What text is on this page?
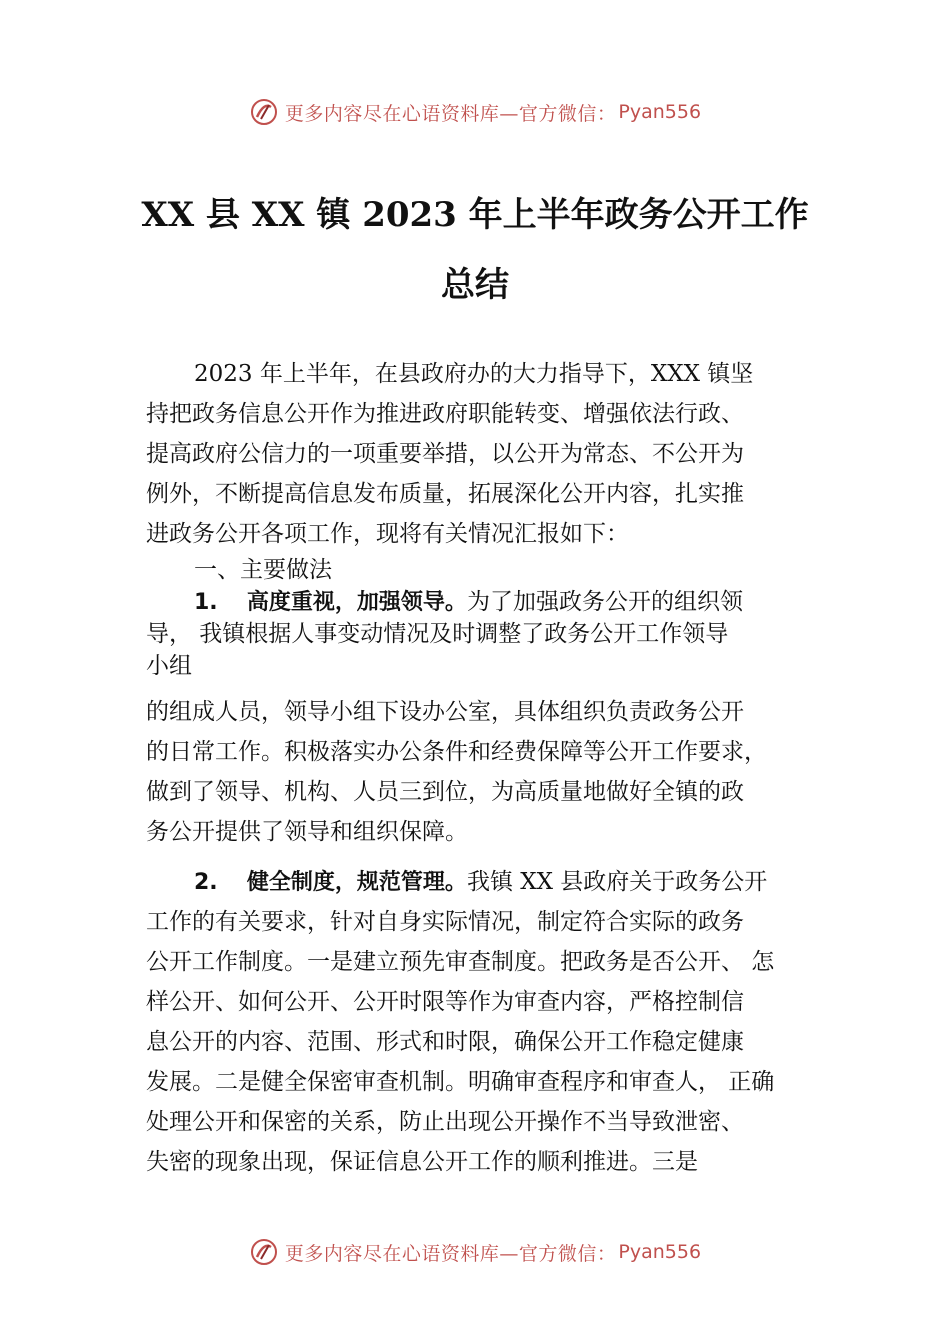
更多内容尽在心语资料库—官方微信： Pyan556
XX 县 XX 镇 2023 年上半年政务公开工作
总结
2023 年上半年，在县政府办的大力指导下，XXX 镇坚
持把政务信息公开作为推进政府职能转变、增强依法行政、
提高政府公信力的一项重要举措，以公开为常态、不公开为
例外，不断提高信息发布质量，拓展深化公开内容，扎实推
进政务公开各项工作，现将有关情况汇报如下：
一、主要做法
1. 高度重视，加强领导。为了加强政务公开的组织领
导， 我镇根据人事变动情况及时调整了政务公开工作领导
小组
的组成人员，领导小组下设办公室，具体组织负责政务公开
的日常工作。积极落实办公条件和经费保障等公开工作要求，
做到了领导、机构、人员三到位，为高质量地做好全镇的政
务公开提供了领导和组织保障。
2. 健全制度，规范管理。我镇 XX 县政府关于政务公开
工作的有关要求，针对自身实际情况，制定符合实际的政务
公开工作制度。一是建立预先审查制度。把政务是否公开、 怎
样公开、如何公开、公开时限等作为审查内容，严格控制信
息公开的内容、范围、形式和时限，确保公开工作稳定健康
发展。二是健全保密审查机制。明确审查程序和审查人， 正确
处理公开和保密的关系，防止出现公开操作不当导致泄密、
失密的现象出现，保证信息公开工作的顺利推进。三是
更多内容尽在心语资料库—官方微信： Pyan556
